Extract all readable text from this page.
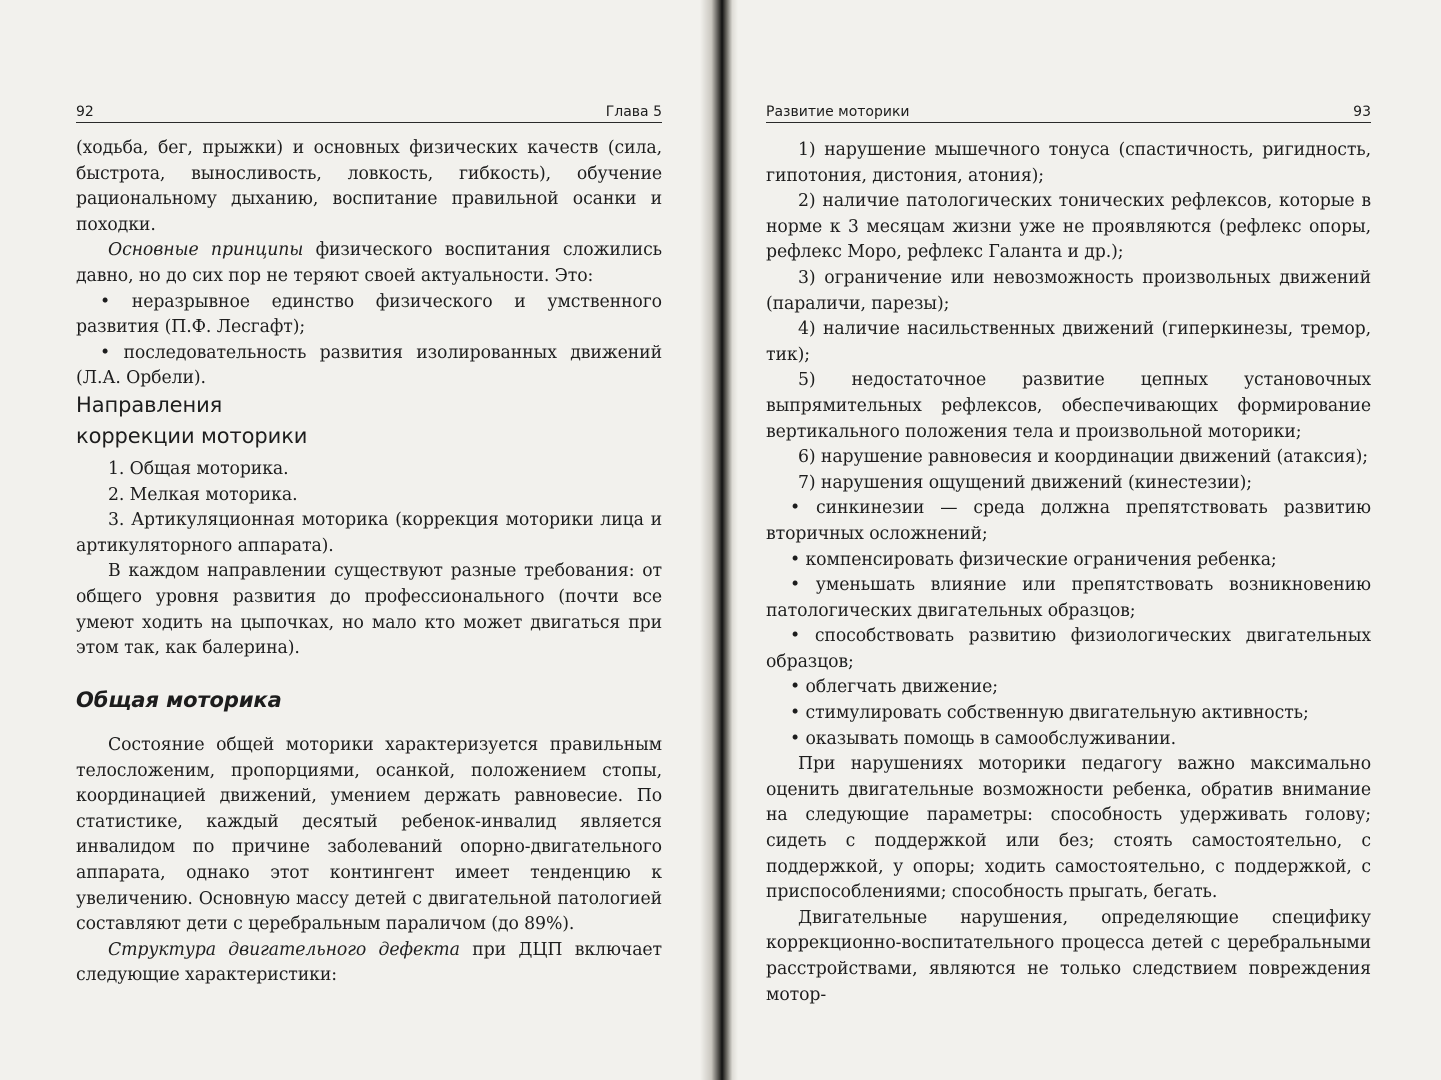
92	Глава 5

(ходьба, бег, прыжки) и основных физических качеств (сила, быстрота, выносливость, ловкость, гибкость), обучение рациональному дыханию, воспитание правильной осанки и походки.

Основные принципы физического воспитания сложились давно, но до сих пор не теряют своей актуальности. Это:

• неразрывное единство физического и умственного развития (П.Ф. Лесгафт);

• последовательность развития изолированных движений (Л.А. Орбели).

Направления
коррекции моторики

1. Общая моторика.

2. Мелкая моторика.

3. Артикуляционная моторика (коррекция моторики лица и артикуляторного аппарата).

В каждом направлении существуют разные требования: от общего уровня развития до профессионального (почти все умеют ходить на цыпочках, но мало кто может двигаться при этом так, как балерина).

Общая моторика

Состояние общей моторики характеризуется правильным телосложеним, пропорциями, осанкой, положением стопы, координацией движений, умением держать равновесие. По статистике, каждый десятый ребенок-инвалид является инвалидом по причине заболеваний опорно-двигательного аппарата, однако этот контингент имеет тенденцию к увеличению. Основную массу детей с двигательной патологией составляют дети с церебральным параличом (до 89%).

Структура двигательного дефекта при ДЦП включает следующие характеристики:

Развитие моторики	93

1) нарушение мышечного тонуса (спастичность, ригидность, гипотония, дистония, атония);

2) наличие патологических тонических рефлексов, которые в норме к 3 месяцам жизни уже не проявляются (рефлекс опоры, рефлекс Моро, рефлекс Галанта и др.);

3) ограничение или невозможность произвольных движений (параличи, парезы);

4) наличие насильственных движений (гиперкинезы, тремор, тик);

5) недостаточное развитие цепных установочных выпрямительных рефлексов, обеспечивающих формирование вертикального положения тела и произвольной моторики;

6) нарушение равновесия и координации движений (атаксия);

7) нарушения ощущений движений (кинестезии);

• синкинезии — среда должна препятствовать развитию вторичных осложнений;

• компенсировать физические ограничения ребенка;

• уменьшать влияние или препятствовать возникновению патологических двигательных образцов;

• способствовать развитию физиологических двигательных образцов;

• облегчать движение;

• стимулировать собственную двигательную активность;

• оказывать помощь в самообслуживании.

При нарушениях моторики педагогу важно максимально оценить двигательные возможности ребенка, обратив внимание на следующие параметры: способность удерживать голову; сидеть с поддержкой или без; стоять самостоятельно, с поддержкой, у опоры; ходить самостоятельно, с поддержкой, с приспособлениями; способность прыгать, бегать.

Двигательные нарушения, определяющие специфику коррекционно-воспитательного процесса детей с церебральными расстройствами, являются не только следствием повреждения мотор-
